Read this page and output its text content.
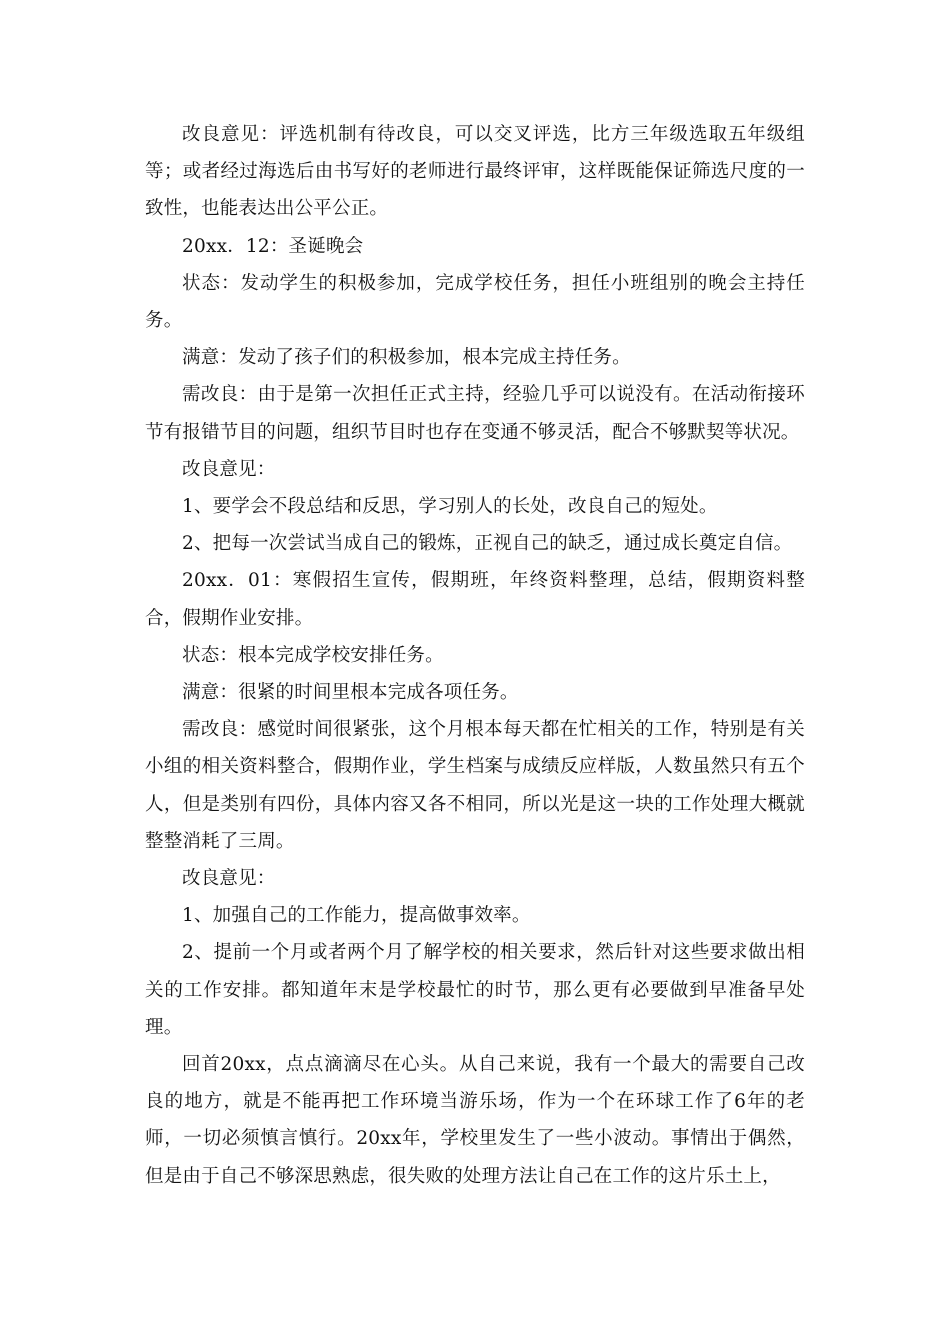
改良意见：评选机制有待改良，可以交叉评选，比方三年级选取五年级组等；或者经过海选后由书写好的老师进行最终评审，这样既能保证筛选尺度的一致性，也能表达出公平公正。

20xx．12：圣诞晚会

状态：发动学生的积极参加，完成学校任务，担任小班组别的晚会主持任务。

满意：发动了孩子们的积极参加，根本完成主持任务。

需改良：由于是第一次担任正式主持，经验几乎可以说没有。在活动衔接环节有报错节目的问题，组织节目时也存在变通不够灵活，配合不够默契等状况。

改良意见：

1、要学会不段总结和反思，学习别人的长处，改良自己的短处。

2、把每一次尝试当成自己的锻炼，正视自己的缺乏，通过成长奠定自信。

20xx．01：寒假招生宣传，假期班，年终资料整理，总结，假期资料整合，假期作业安排。

状态：根本完成学校安排任务。

满意：很紧的时间里根本完成各项任务。

需改良：感觉时间很紧张，这个月根本每天都在忙相关的工作，特别是有关小组的相关资料整合，假期作业，学生档案与成绩反应样版，人数虽然只有五个人，但是类别有四份，具体内容又各不相同，所以光是这一块的工作处理大概就整整消耗了三周。

改良意见：

1、加强自己的工作能力，提高做事效率。

2、提前一个月或者两个月了解学校的相关要求，然后针对这些要求做出相关的工作安排。都知道年末是学校最忙的时节，那么更有必要做到早准备早处理。

回首20xx，点点滴滴尽在心头。从自己来说，我有一个最大的需要自己改良的地方，就是不能再把工作环境当游乐场，作为一个在环球工作了6年的老师，一切必须慎言慎行。20xx年，学校里发生了一些小波动。事情出于偶然，但是由于自己不够深思熟虑，很失败的处理方法让自己在工作的这片乐土上，
